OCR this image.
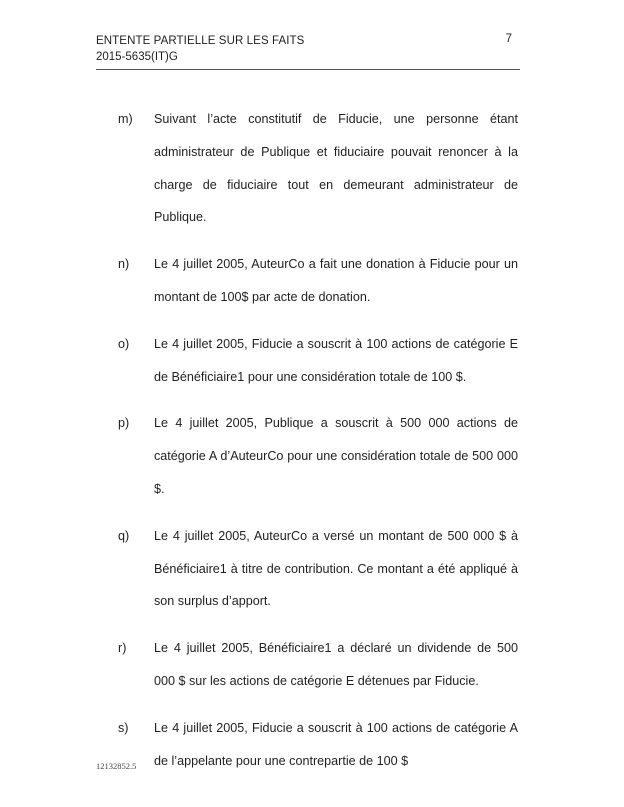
ENTENTE PARTIELLE SUR LES FAITS
2015-5635(IT)G
7
m) Suivant l’acte constitutif de Fiducie, une personne étant administrateur de Publique et fiduciaire pouvait renoncer à la charge de fiduciaire tout en demeurant administrateur de Publique.
n) Le 4 juillet 2005, AuteurCo a fait une donation à Fiducie pour un montant de 100$ par acte de donation.
o) Le 4 juillet 2005, Fiducie a souscrit à 100 actions de catégorie E de Bénéficiaire1 pour une considération totale de 100 $.
p) Le 4 juillet 2005, Publique a souscrit à 500 000 actions de catégorie A d’AuteurCo pour une considération totale de 500 000 $.
q) Le 4 juillet 2005, AuteurCo a versé un montant de 500 000 $ à Bénéficiaire1 à titre de contribution. Ce montant a été appliqué à son surplus d’apport.
r) Le 4 juillet 2005, Bénéficiaire1 a déclaré un dividende de 500 000 $ sur les actions de catégorie E détenues par Fiducie.
s) Le 4 juillet 2005, Fiducie a souscrit à 100 actions de catégorie A de l’appelante pour une contrepartie de 100 $
12132852.5
